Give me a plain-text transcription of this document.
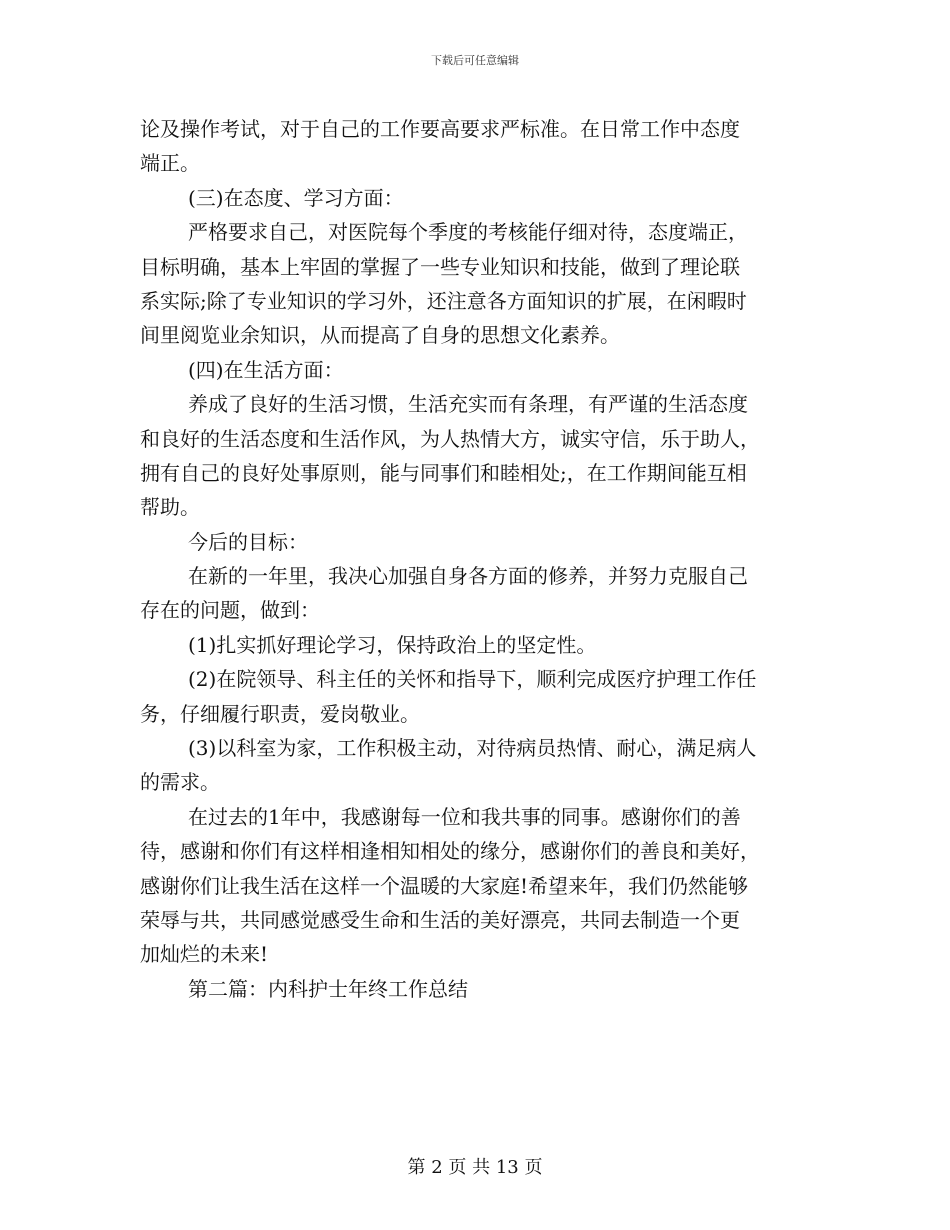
下载后可任意编辑
论及操作考试，对于自己的工作要高要求严标准。在日常工作中态度
端正。
(三)在态度、学习方面：
严格要求自己，对医院每个季度的考核能仔细对待，态度端正，
目标明确，基本上牢固的掌握了一些专业知识和技能，做到了理论联
系实际;除了专业知识的学习外，还注意各方面知识的扩展，在闲暇时
间里阅览业余知识，从而提高了自身的思想文化素养。
(四)在生活方面：
养成了良好的生活习惯，生活充实而有条理，有严谨的生活态度
和良好的生活态度和生活作风，为人热情大方，诚实守信，乐于助人，
拥有自己的良好处事原则，能与同事们和睦相处;，在工作期间能互相
帮助。
今后的目标：
在新的一年里，我决心加强自身各方面的修养，并努力克服自己
存在的问题，做到：
(1)扎实抓好理论学习，保持政治上的坚定性。
(2)在院领导、科主任的关怀和指导下，顺利完成医疗护理工作任
务，仔细履行职责，爱岗敬业。
(3)以科室为家，工作积极主动，对待病员热情、耐心，满足病人
的需求。
在过去的1年中，我感谢每一位和我共事的同事。感谢你们的善
待，感谢和你们有这样相逢相知相处的缘分，感谢你们的善良和美好，
感谢你们让我生活在这样一个温暖的大家庭!希望来年，我们仍然能够
荣辱与共，共同感觉感受生命和生活的美好漂亮，共同去制造一个更
加灿烂的未来!
第二篇：内科护士年终工作总结
第 2 页 共 13 页
